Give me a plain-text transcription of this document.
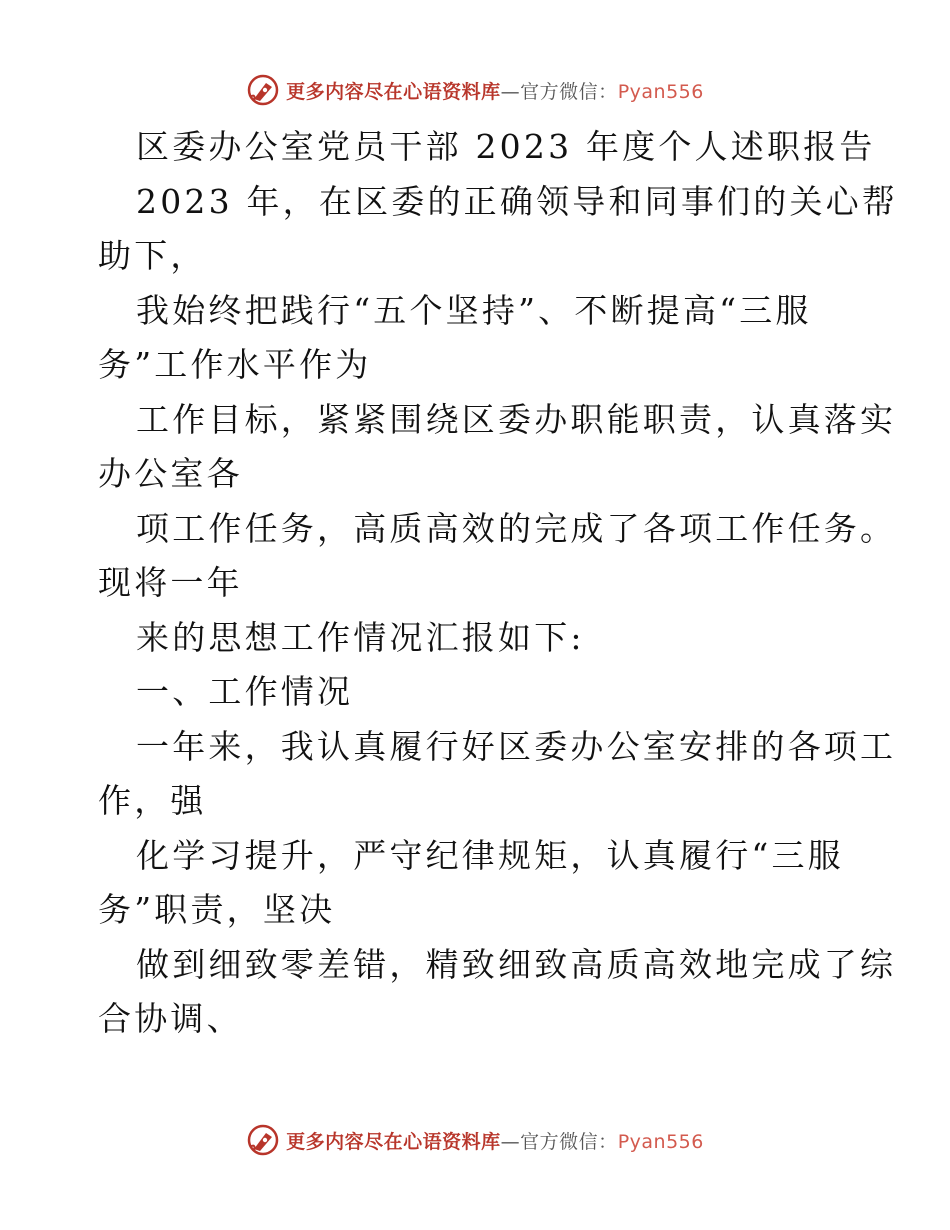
更多内容尽在心语资料库—官方微信：Pyan556
区委办公室党员干部 2023 年度个人述职报告
2023 年，在区委的正确领导和同事们的关心帮
助下，
我始终把践行“五个坚持”、不断提高“三服
务”工作水平作为
工作目标，紧紧围绕区委办职能职责，认真落实
办公室各
项工作任务，高质高效的完成了各项工作任务。
现将一年
来的思想工作情况汇报如下:
一、工作情况
一年来，我认真履行好区委办公室安排的各项工
作，强
化学习提升，严守纪律规矩，认真履行“三服
务”职责，坚决
做到细致零差错，精致细致高质高效地完成了综
合协调、
更多内容尽在心语资料库—官方微信：Pyan556
